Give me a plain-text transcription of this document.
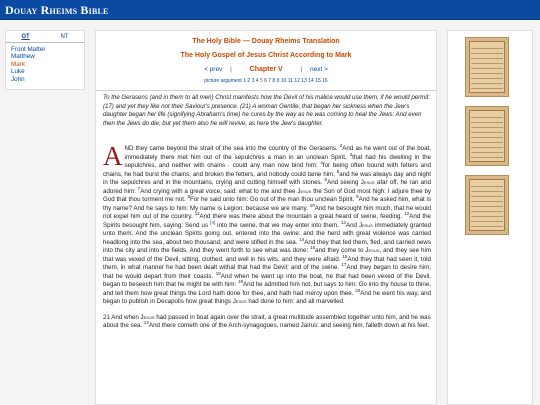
Douay Rheims Bible
OT	NT
Front Matter
Matthew
Mark
Luke
John
The Holy Bible — Douay Rheims Translation
The Holy Gospel of Jesus Christ According to Mark
< prev |	Chapter V	| next >
picture argument 1 2 3 4 5 6 7 8 9 10 11 12 13 14 15 16
To the Gerasens (and in them to all men) Christ manifests how the Devil of his malice would use them, if he would permit: (17) and yet they like not their Saviour's presence. (21) A woman Gentile, that began her sickness when the Jew's daughter began her life (signifying Abraham's time) he cures by the way as he was coming to heal the Jews: And even then the Jews do die; but yet them also he will revive, as here the Jew's daughter.
A ND they came beyond the strait of the sea into the country of the Gerasens. $^2$And as he went out of the boat, immediately there met him out of the sepulchres a man in an unclean Spirit, $^3$that had his dwelling in the sepulchres, and neither with chains · could any man now bind him: $^4$for being often bound with fetters and chains, he had burst the chains, and broken the fetters, and nobody could tame him. $^5$and he was always day and night in the sepulchres and in the mountains, crying and cutting himself with stones. $^6$And seeing Jesus afar off, he ran and adored him: $^7$And crying with a great voice, said: what to me and thee Jesus the Son of God most high: I adjure thee by God that thou torment me not. $^8$For he said unto him: Go out of the man thou unclean Spirit. $^9$And he asked him, what is thy name? And he says to him: My name is Legion: because we are many. $^{10}$And he besought him much, that he would not expel him out of the country. $^{11}$And there was there about the mountain a great heard of swine, feeding. $^{12}$And the Spirits besought him, saying: Send us [4] into the swine, that we may enter into them. $^{13}$And Jesus immediately granted unto them. And the unclean Spirits going out, entered into the swine: and the herd with great violence was carried headlong into the sea, about two thousand, and were stifled in the sea. $^{14}$And they that fed them, fled, and carried news into the city and into the fields. And they went forth to see what was done: $^{15}$and they come to Jesus, and they see him that was vexed of the Devil, sitting, clothed, and well in his wits. and they were afraid. $^{16}$And they that had seen it, told them, in what manner he had been dealt withal that had the Devil; and of the swine. $^{17}$And they began to desire him, that he would depart from their coasts. $^{18}$And when he went up into the boat, he that had been vexed of the Devil, began to beseech him that he might be with him: $^{19}$And he admitted him not, but says to him: Go into thy house to thine, and tell them how great things the Lord hath done for thee, and hath had mercy upon thee. $^{20}$And he went his way, and began to publish in Decapolis how great things Jesus had done to him: and all marvelled.
21 And when Jesus had passed in boat again over the strait, a great multitude assembled together unto him, and he was about the sea. $^{22}$And there cometh one of the Arch-synagogues, named Jairus: and seeing him, falleth down at his feet.
